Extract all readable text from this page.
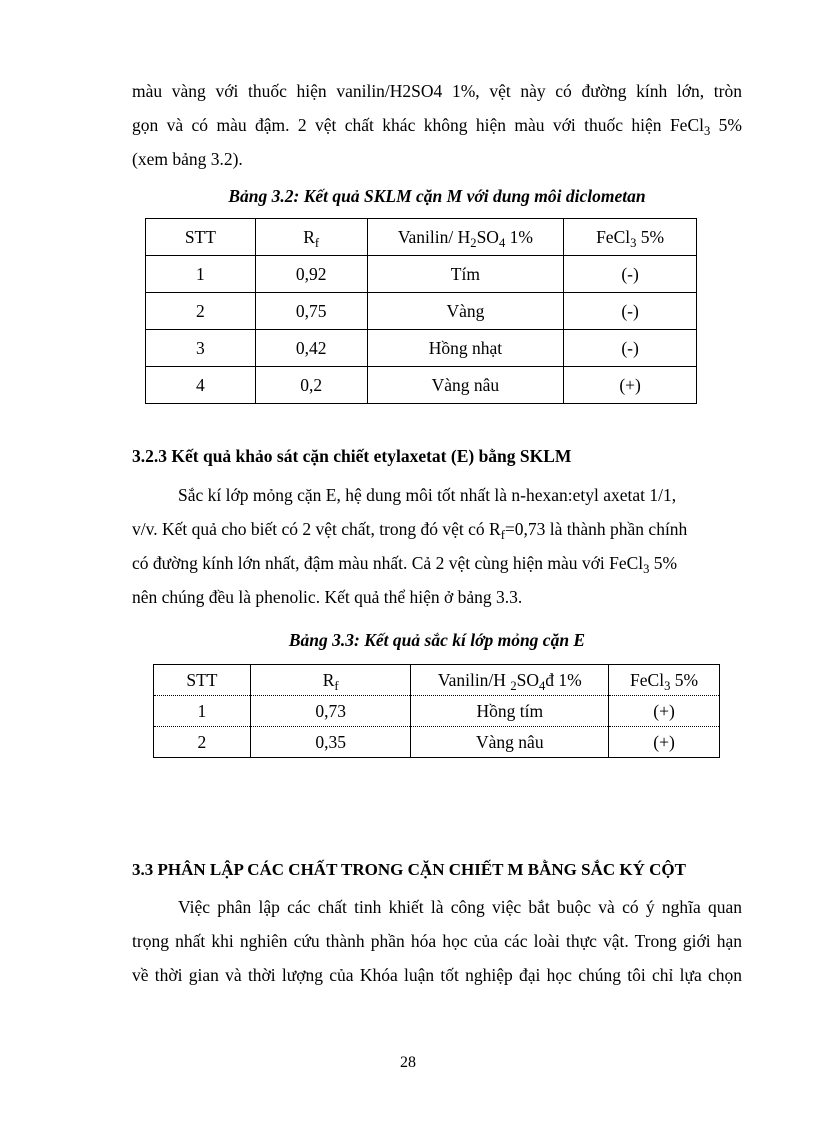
màu vàng với thuốc hiện vanilin/H2SO4 1%, vệt này có đường kính lớn, tròn
gọn và có màu đậm. 2 vệt chất khác không hiện màu với thuốc hiện FeCl$_3$ 5%
(xem bảng 3.2).

Bảng 3.2: Kết quả SKLM cặn M với dung môi diclometan

STT	$R_f$	Vanilin/ $H_2SO_4$ 1%	FeCl$_3$ 5%
1	0,92	Tím	(-)
2	0,75	Vàng	(-)
3	0,42	Hồng nhạt	(-)
4	0,2	Vàng nâu	(+)
3.2.3 Kết quả khảo sát cặn chiết etylaxetat (E) bằng SKLM
Sắc kí lớp mỏng cặn E, hệ dung môi tốt nhất là n-hexan:etyl axetat 1/1,
v/v. Kết quả cho biết có 2 vệt chất, trong đó vệt có $R_f=0,73$ là thành phần chính
có đường kính lớn nhất, đậm màu nhất. Cả 2 vệt cùng hiện màu với FeCl$_3$ 5%
nên chúng đều là phenolic. Kết quả thể hiện ở bảng 3.3.

Bảng 3.3: Kết quả sắc kí lớp mỏng cặn E

STT	$R_f$	Vanilin/H $_2SO_4đ$ 1%	FeCl$_3$ 5%
1	0,73	Hồng tím	(+)
2	0,35	Vàng nâu	(+)
3.3 PHÂN LẬP CÁC CHẤT TRONG CẶN CHIẾT M BẰNG SẮC KÝ CỘT
Việc phân lập các chất tinh khiết là công việc bắt buộc và có ý nghĩa quan
trọng nhất khi nghiên cứu thành phần hóa học của các loài thực vật. Trong giới hạn
về thời gian và thời lượng của Khóa luận tốt nghiệp đại học chúng tôi chỉ lựa chọn
28
